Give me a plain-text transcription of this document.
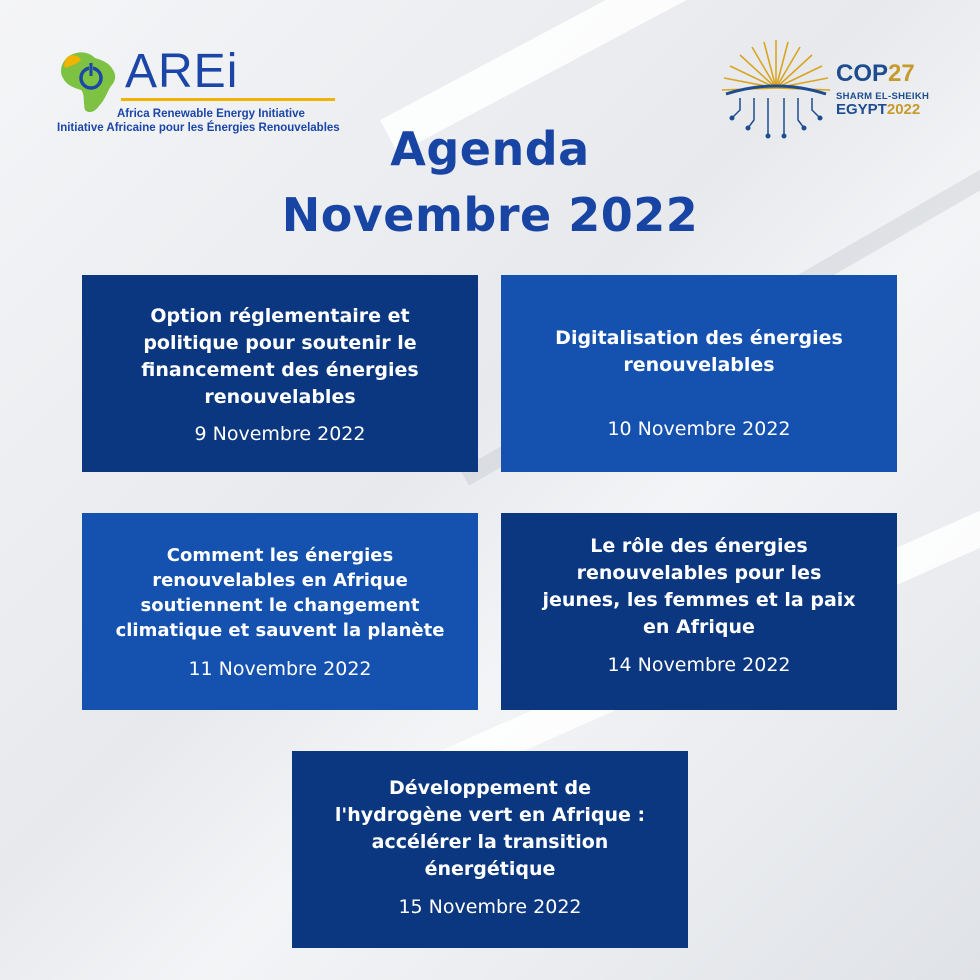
AREi
Africa Renewable Energy Initiative
Initiative Africaine pour les Énergies Renouvelables
COP27
SHARM EL-SHEIKH
EGYPT2022
Agenda
Novembre 2022
Option réglementaire et
politique pour soutenir le
financement des énergies
renouvelables
9 Novembre 2022
Digitalisation des énergies
renouvelables
10 Novembre 2022
Comment les énergies
renouvelables en Afrique
soutiennent le changement
climatique et sauvent la planète
11 Novembre 2022
Le rôle des énergies
renouvelables pour les
jeunes, les femmes et la paix
en Afrique
14 Novembre 2022
Développement de
l'hydrogène vert en Afrique :
accélérer la transition
énergétique
15 Novembre 2022
